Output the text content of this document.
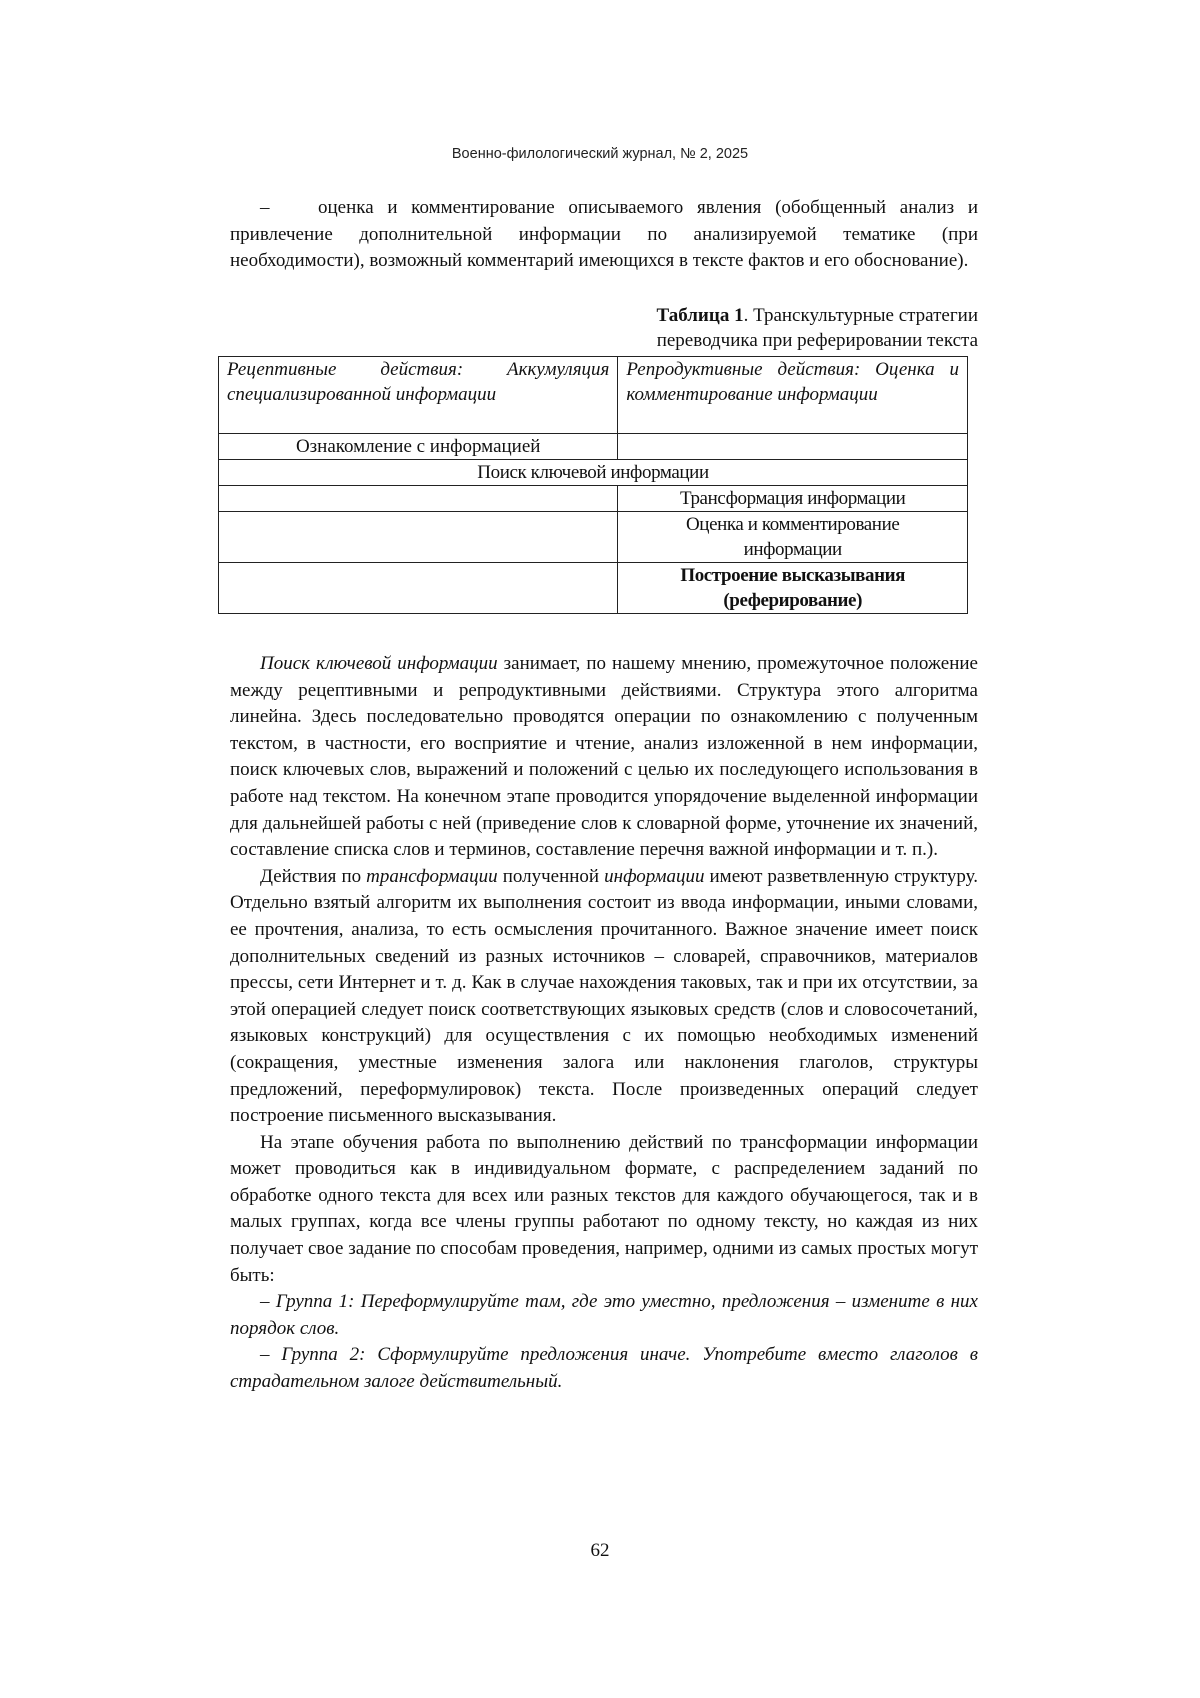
Военно-филологический журнал, № 2, 2025

–	оценка и комментирование описываемого явления (обобщенный анализ и привлечение дополнительной информации по анализируемой тематике (при необходимости), возможный комментарий имеющихся в тексте фактов и его обоснование).

Таблица 1. Транскультурные стратегии
переводчика при реферировании текста
Рецептивные действия: Аккумуляция специализированной информации	Репродуктивные действия: Оценка и комментирование информации
Ознакомление с информацией	
Поиск ключевой информации	
	Трансформация информации
	Оценка и комментирование информации
	Построение высказывания (реферирование)

Поиск ключевой информации занимает, по нашему мнению, промежуточное положение между рецептивными и репродуктивными действиями. Структура этого алгоритма линейна. Здесь последовательно проводятся операции по ознакомлению с полученным текстом, в частности, его восприятие и чтение, анализ изложенной в нем информации, поиск ключевых слов, выражений и положений с целью их последующего использования в работе над текстом. На конечном этапе проводится упорядочение выделенной информации для дальнейшей работы с ней (приведение слов к словарной форме, уточнение их значений, составление списка слов и терминов, составление перечня важной информации и т. п.).

Действия по трансформации полученной информации имеют разветвленную структуру. Отдельно взятый алгоритм их выполнения состоит из ввода информации, иными словами, ее прочтения, анализа, то есть осмысления прочитанного. Важное значение имеет поиск дополнительных сведений из разных источников – словарей, справочников, материалов прессы, сети Интернет и т. д. Как в случае нахождения таковых, так и при их отсутствии, за этой операцией следует поиск соответствующих языковых средств (слов и словосочетаний, языковых конструкций) для осуществления с их помощью необходимых изменений (сокращения, уместные изменения залога или наклонения глаголов, структуры предложений, переформулировок) текста. После произведенных операций следует построение письменного высказывания.

На этапе обучения работа по выполнению действий по трансформации информации может проводиться как в индивидуальном формате, с распределением заданий по обработке одного текста для всех или разных текстов для каждого обучающегося, так и в малых группах, когда все члены группы работают по одному тексту, но каждая из них получает свое задание по способам проведения, например, одними из самых простых могут быть:

– Группа 1: Переформулируйте там, где это уместно, предложения – измените в них порядок слов.

– Группа 2: Сформулируйте предложения иначе. Употребите вместо глаголов в страдательном залоге действительный.

62
